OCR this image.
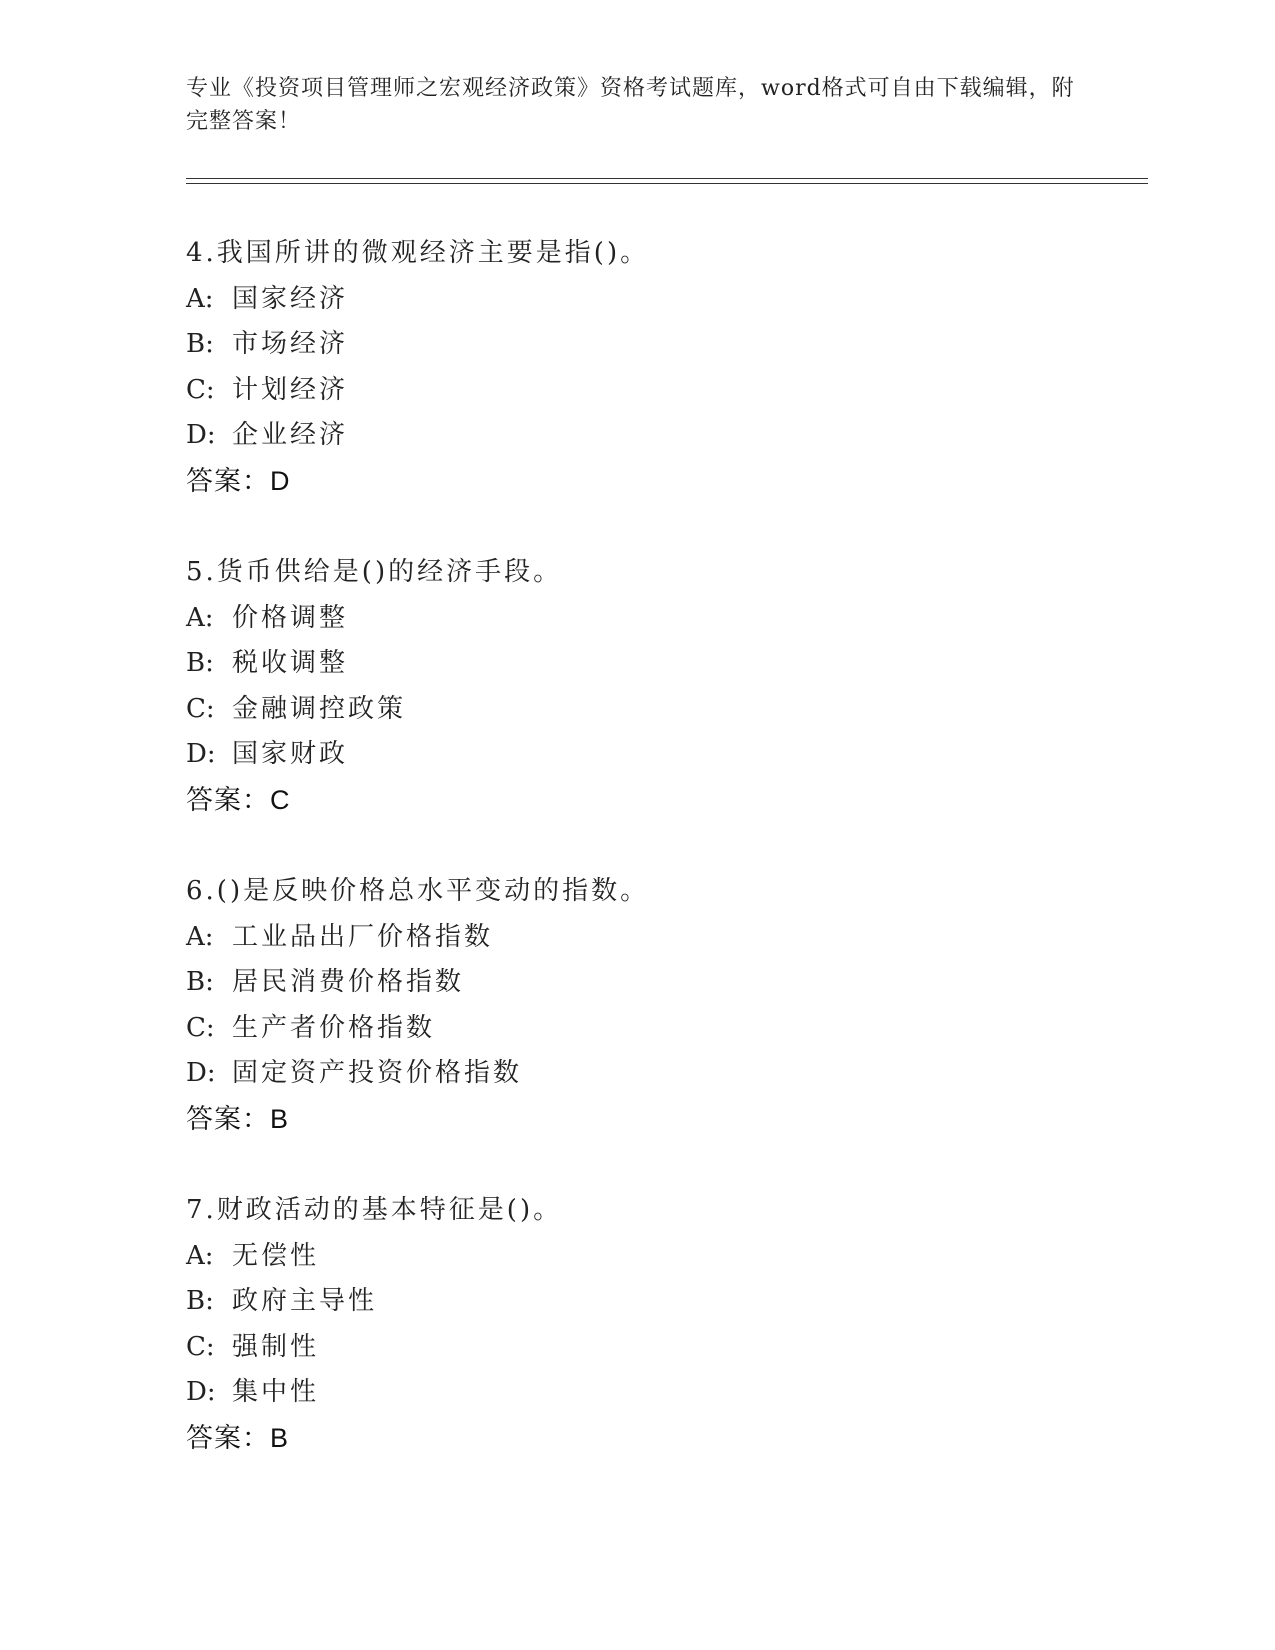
专业《投资项目管理师之宏观经济政策》资格考试题库，word格式可自由下载编辑，附完整答案！
4.我国所讲的微观经济主要是指()。
A: 国家经济
B: 市场经济
C: 计划经济
D: 企业经济
答案：D
5.货币供给是()的经济手段。
A: 价格调整
B: 税收调整
C: 金融调控政策
D: 国家财政
答案：C
6.()是反映价格总水平变动的指数。
A: 工业品出厂价格指数
B: 居民消费价格指数
C: 生产者价格指数
D: 固定资产投资价格指数
答案：B
7.财政活动的基本特征是()。
A: 无偿性
B: 政府主导性
C: 强制性
D: 集中性
答案：B
